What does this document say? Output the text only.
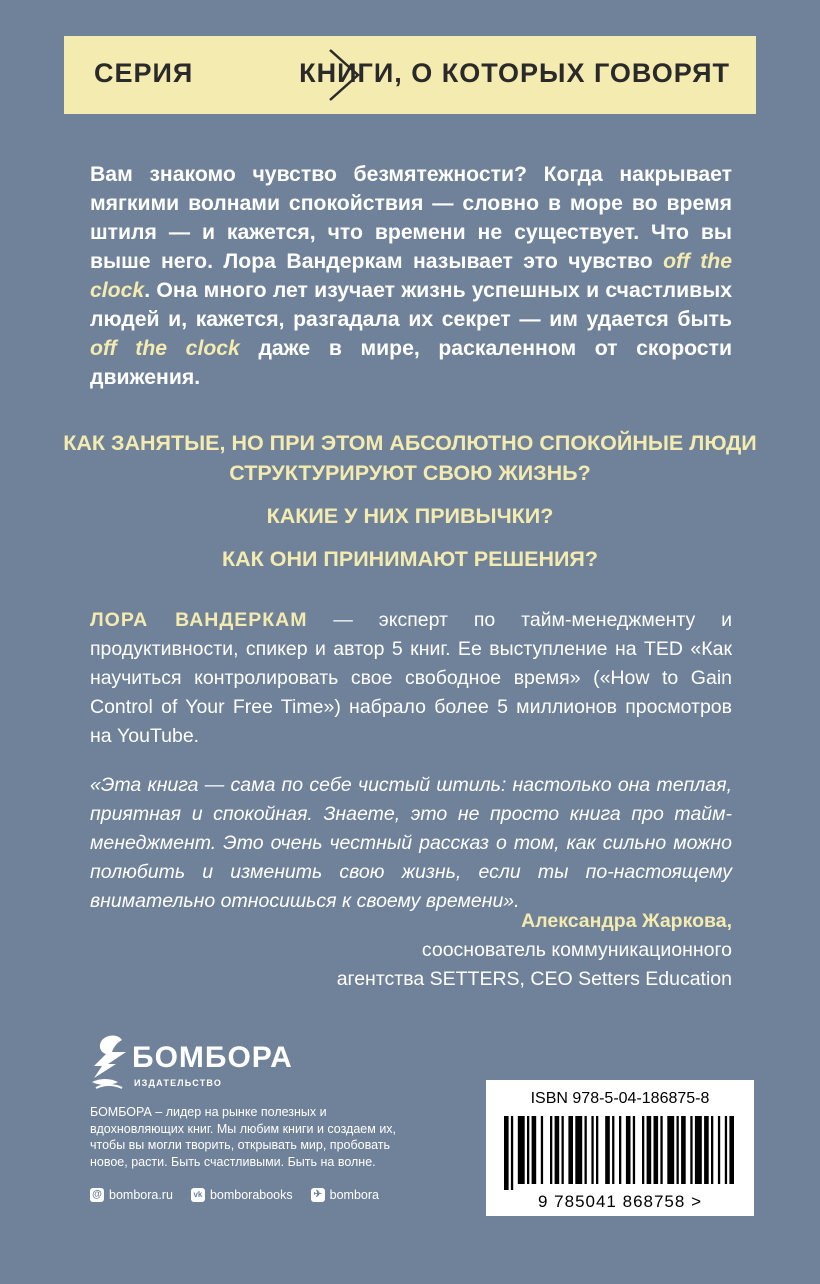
СЕРИЯ	КНИГИ, О КОТОРЫХ ГОВОРЯТ
Вам знакомо чувство безмятежности? Когда накрывает мягкими волнами спокойствия — словно в море во время штиля — и кажется, что времени не существует. Что вы выше него. Лора Вандеркам называет это чувство off the clock. Она много лет изучает жизнь успешных и счастливых людей и, кажется, разгадала их секрет — им удается быть off the clock даже в мире, раскаленном от скорости движения.

КАК ЗАНЯТЫЕ, НО ПРИ ЭТОМ АБСОЛЮТНО СПОКОЙНЫЕ ЛЮДИ СТРУКТУРИРУЮТ СВОЮ ЖИЗНЬ?

КАКИЕ У НИХ ПРИВЫЧКИ?

КАК ОНИ ПРИНИМАЮТ РЕШЕНИЯ?

ЛОРА ВАНДЕРКАМ — эксперт по тайм-менеджменту и продуктивности, спикер и автор 5 книг. Ее выступление на TED «Как научиться контролировать свое свободное время» («How to Gain Control of Your Free Time») набрало более 5 миллионов просмотров на YouTube.
«Эта книга — сама по себе чистый штиль: настолько она теплая, приятная и спокойная. Знаете, это не просто книга про тайм-менеджмент. Это очень честный рассказ о том, как сильно можно полюбить и изменить свою жизнь, если ты по-настоящему внимательно относишься к своему времени».
Александра Жаркова,
сооснователь коммуникационного
агентства SETTERS, CEO Setters Education
БОМБОРА
ИЗДАТЕЛЬСТВО
БОМБОРА – лидер на рынке полезных и вдохновляющих книг. Мы любим книги и создаем их, чтобы вы могли творить, открывать мир, пробовать новое, расти. Быть счастливыми. Быть на волне.
@ bombora.ru	vk bomborabooks ✈ bombora
ISBN 978-5-04-186875-8
9 785041 868758 >
